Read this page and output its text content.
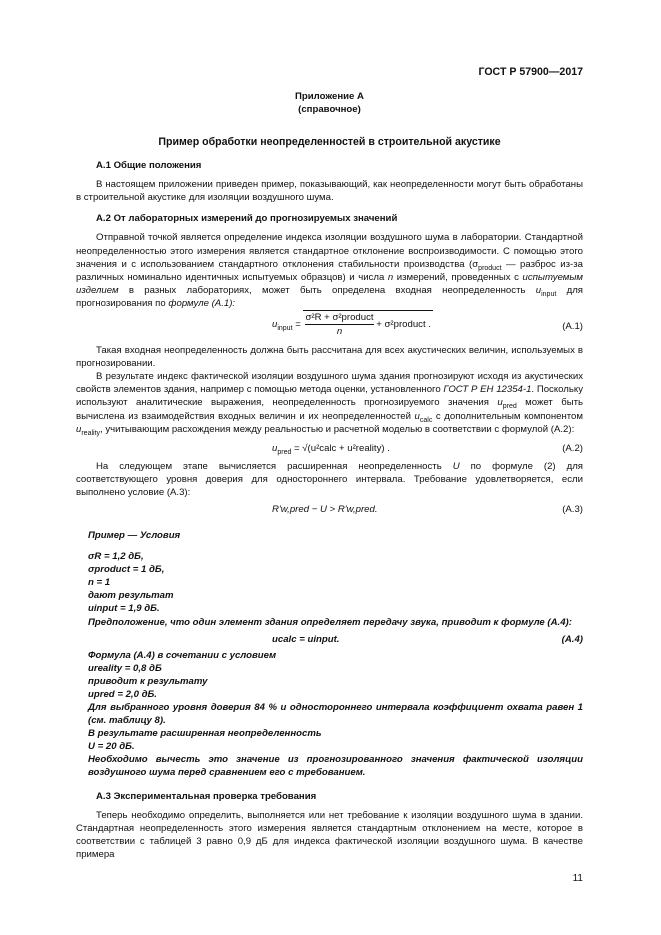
ГОСТ Р 57900—2017

Приложение А

(справочное)

Пример обработки неопределенностей в строительной акустике

А.1 Общие положения

В настоящем приложении приведен пример, показывающий, как неопределенности могут быть обработаны в строительной акустике для изоляции воздушного шума.

А.2 От лабораторных измерений до прогнозируемых значений

Отправной точкой является определение индекса изоляции воздушного шума в лаборатории. Стандартной неопределенностью этого измерения является стандартное отклонение воспроизводимости. С помощью этого значения и с использованием стандартного отклонения стабильности производства ($\sigma_{product}$ — разброс из-за различных номинально идентичных испытуемых образцов) и числа n измерений, проведенных с испытуемым изделием в разных лабораториях, может быть определена входная неопределенность $u_{input}$ для прогнозирования по формуле (А.1):

$u_{input} = \frac{\text{σ²R + σ²product}}{n}$ + σ²product .	(А.1)

Такая входная неопределенность должна быть рассчитана для всех акустических величин, используемых в прогнозировании.

В результате индекс фактической изоляции воздушного шума здания прогнозируют исходя из акустических свойств элементов здания, например с помощью метода оценки, установленного ГОСТ Р ЕН 12354-1. Поскольку используют аналитические выражения, неопределенность прогнозируемого значения $u_{pred}$ может быть вычислена из взаимодействия входных величин и их неопределенностей $u_{calc}$ с дополнительным компонентом $u_{reality}$, учитывающим расхождения между реальностью и расчетной моделью в соответствии с формулой (А.2):

$u_{pred}$ = √(u²calc + u²reality) .	(А.2)

На следующем этапе вычисляется расширенная неопределенность U по формуле (2) для соответствующего уровня доверия для одностороннего интервала. Требование удовлетворяется, если выполнено условие (А.3):

R'w,pred − U > R'w,pred.	(А.3)

Пример — Условия

σR = 1,2 дБ,

σproduct = 1 дБ,

n = 1

дают результат

uinput = 1,9 дБ.

Предположение, что один элемент здания определяет передачу звука, приводит к формуле (А.4):

ucalc = uinput.	(А.4)

Формула (А.4) в сочетании с условием

ureality = 0,8 дБ

приводит к результату

upred = 2,0 дБ.

Для выбранного уровня доверия 84 % и одностороннего интервала коэффициент охвата равен 1 (см. таблицу 8).

В результате расширенная неопределенность

U = 20 дБ.

Необходимо вычесть это значение из прогнозированного значения фактической изоляции воздушного шума перед сравнением его с требованием.

А.3 Экспериментальная проверка требования

Теперь необходимо определить, выполняется или нет требование к изоляции воздушного шума в здании. Стандартная неопределенность этого измерения является стандартным отклонением на месте, которое в соответствии с таблицей 3 равно 0,9 дБ для индекса фактической изоляции воздушного шума. В качестве примера

11
